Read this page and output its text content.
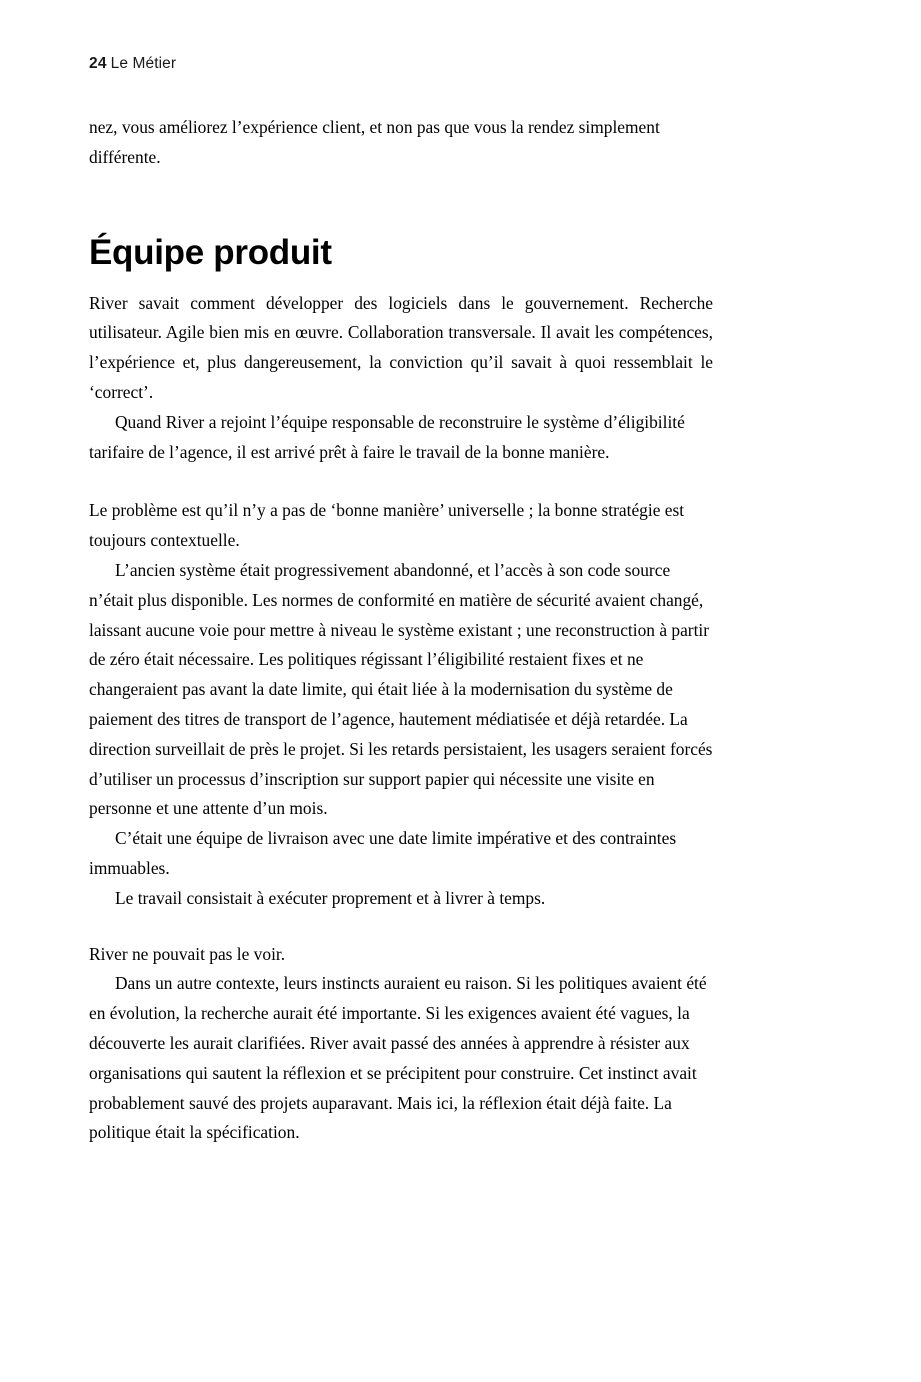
24 Le Métier

nez, vous améliorez l’expérience client, et non pas que vous la rendez simplement différente.

Équipe produit

River savait comment développer des logiciels dans le gouvernement. Recherche utilisateur. Agile bien mis en œuvre. Collaboration transversale. Il avait les compétences, l’expérience et, plus dangereusement, la conviction qu’il savait à quoi ressemblait le ‘correct’.

Quand River a rejoint l’équipe responsable de reconstruire le système d’éligibilité tarifaire de l’agence, il est arrivé prêt à faire le travail de la bonne manière.

Le problème est qu’il n’y a pas de ‘bonne manière’ universelle ; la bonne stratégie est toujours contextuelle.

L’ancien système était progressivement abandonné, et l’accès à son code source n’était plus disponible. Les normes de conformité en matière de sécurité avaient changé, laissant aucune voie pour mettre à niveau le système existant ; une reconstruction à partir de zéro était nécessaire. Les politiques régissant l’éligibilité restaient fixes et ne changeraient pas avant la date limite, qui était liée à la modernisation du système de paiement des titres de transport de l’agence, hautement médiatisée et déjà retardée. La direction surveillait de près le projet. Si les retards persistaient, les usagers seraient forcés d’utiliser un processus d’inscription sur support papier qui nécessite une visite en personne et une attente d’un mois.

C’était une équipe de livraison avec une date limite impérative et des contraintes immuables.

Le travail consistait à exécuter proprement et à livrer à temps.

River ne pouvait pas le voir.

Dans un autre contexte, leurs instincts auraient eu raison. Si les politiques avaient été en évolution, la recherche aurait été importante. Si les exigences avaient été vagues, la découverte les aurait clarifiées. River avait passé des années à apprendre à résister aux organisations qui sautent la réflexion et se précipitent pour construire. Cet instinct avait probablement sauvé des projets auparavant. Mais ici, la réflexion était déjà faite. La politique était la spécification.
